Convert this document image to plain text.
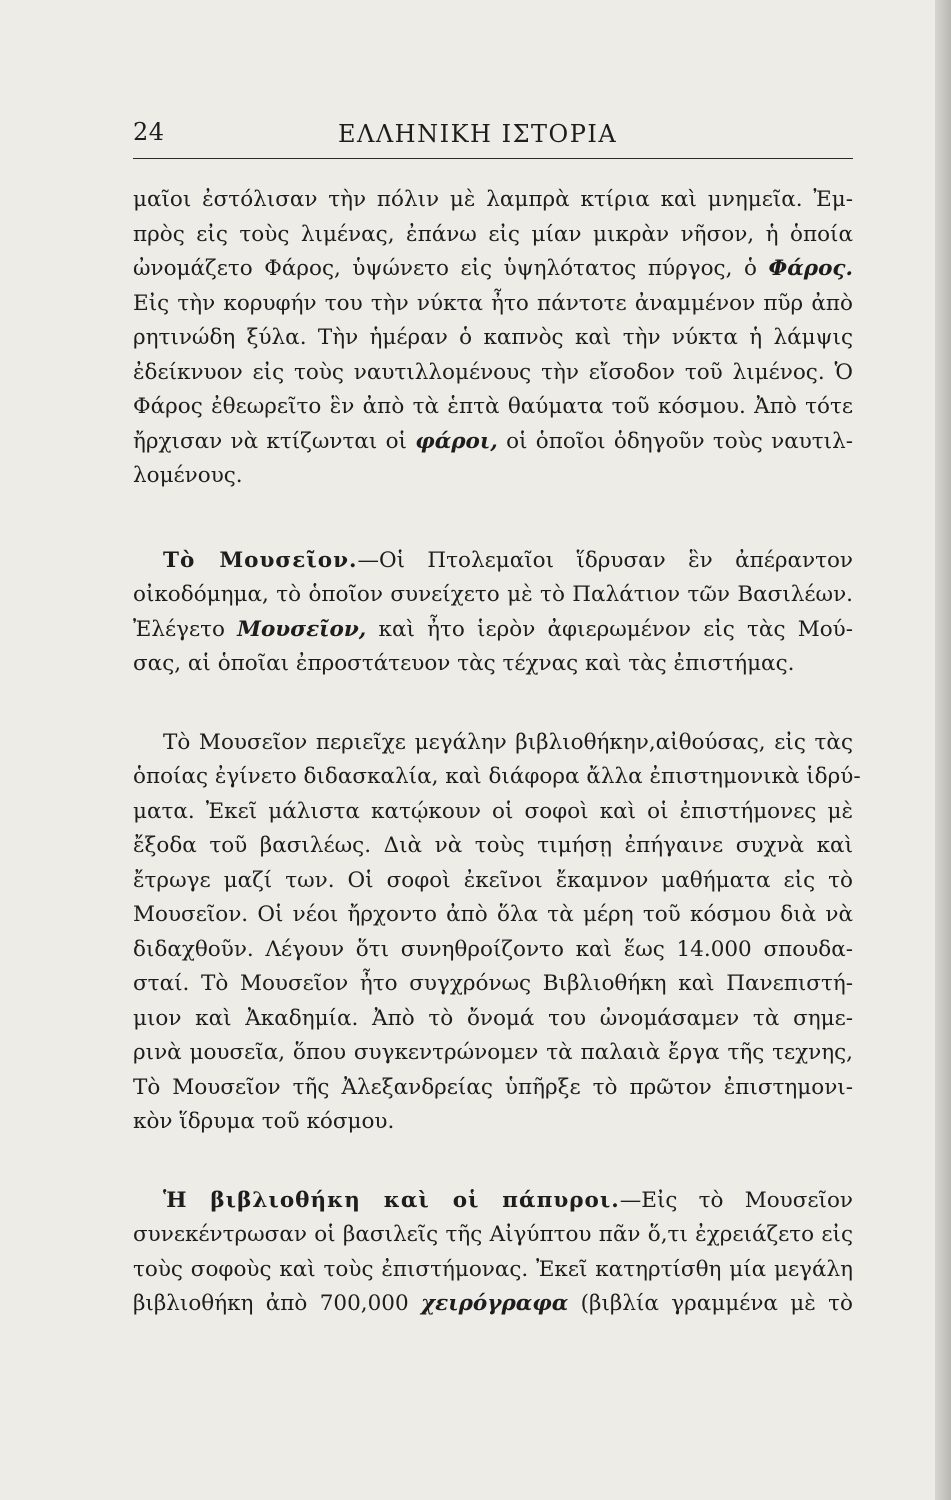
24	ΕΛΛΗΝΙΚΗ ΙΣΤΟΡΙΑ

μαῖοι ἐστόλισαν τὴν πόλιν μὲ λαμπρὰ κτίρια καὶ μνημεῖα. Ἐμ-
πρὸς εἰς τοὺς λιμένας, ἐπάνω εἰς μίαν μικρὰν νῆσον, ἡ ὁποία
ὠνομάζετο Φάρος, ὑψώνετο εἰς ὑψηλότατος πύργος, ὁ Φάρος.
Εἰς τὴν κορυφήν του τὴν νύκτα ἦτο πάντοτε ἀναμμένον πῦρ ἀπὸ
ρητινώδη ξύλα. Τὴν ἡμέραν ὁ καπνὸς καὶ τὴν νύκτα ἡ λάμψις
ἐδείκνυον εἰς τοὺς ναυτιλλομένους τὴν εἴσοδον τοῦ λιμένος. Ὁ
Φάρος ἐθεωρεῖτο ἓν ἀπὸ τὰ ἑπτὰ θαύματα τοῦ κόσμου. Ἀπὸ τότε
ἤρχισαν νὰ κτίζωνται οἱ φάροι, οἱ ὁποῖοι ὁδηγοῦν τοὺς ναυτιλ-
λομένους.

Τὸ Μουσεῖον.—Οἱ Πτολεμαῖοι ἵδρυσαν ἓν ἀπέραντον
οἰκοδόμημα, τὸ ὁποῖον συνείχετο μὲ τὸ Παλάτιον τῶν Βασιλέων.
Ἐλέγετο Μουσεῖον, καὶ ἦτο ἱερὸν ἀφιερωμένον εἰς τὰς Μού-
σας, αἱ ὁποῖαι ἐπροστάτευον τὰς τέχνας καὶ τὰς ἐπιστήμας.

Τὸ Μουσεῖον περιεῖχε μεγάλην βιβλιοθήκην,αἰθούσας, εἰς τὰς
ὁποίας ἐγίνετο διδασκαλία, καὶ διάφορα ἄλλα ἐπιστημονικὰ ἱδρύ-
ματα. Ἐκεῖ μάλιστα κατῴκουν οἱ σοφοὶ καὶ οἱ ἐπιστήμονες μὲ
ἔξοδα τοῦ βασιλέως. Διὰ νὰ τοὺς τιμήσῃ ἐπήγαινε συχνὰ καὶ
ἔτρωγε μαζί των. Οἱ σοφοὶ ἐκεῖνοι ἔκαμνον μαθήματα εἰς τὸ
Μουσεῖον. Οἱ νέοι ἤρχοντο ἀπὸ ὅλα τὰ μέρη τοῦ κόσμου διὰ νὰ
διδαχθοῦν. Λέγουν ὅτι συνηθροίζοντο καὶ ἕως 14.000 σπουδα-
σταί. Τὸ Μουσεῖον ἦτο συγχρόνως Βιβλιοθήκη καὶ Πανεπιστή-
μιον καὶ Ἀκαδημία. Ἀπὸ τὸ ὄνομά του ὠνομάσαμεν τὰ σημε-
ρινὰ μουσεῖα, ὅπου συγκεντρώνομεν τὰ παλαιὰ ἔργα τῆς τεχνης,
Τὸ Μουσεῖον τῆς Ἀλεξανδρείας ὑπῆρξε τὸ πρῶτον ἐπιστημονι-
κὸν ἵδρυμα τοῦ κόσμου.

Ἡ βιβλιοθήκη καὶ οἱ πάπυροι.—Εἰς τὸ Μουσεῖον
συνεκέντρωσαν οἱ βασιλεῖς τῆς Αἰγύπτου πᾶν ὅ,τι ἐχρειάζετο εἰς
τοὺς σοφοὺς καὶ τοὺς ἐπιστήμονας. Ἐκεῖ κατηρτίσθη μία μεγάλη
βιβλιοθήκη ἀπὸ 700,000 χειρόγραφα (βιβλία γραμμένα μὲ τὸ
